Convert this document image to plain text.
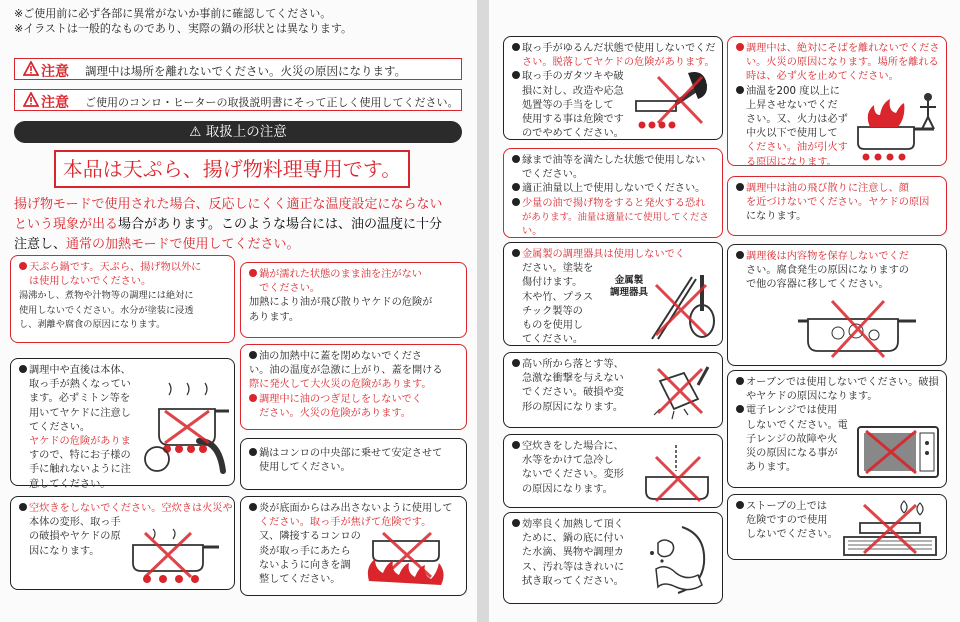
※ご使用前に必ず各部に異常がないか事前に確認してください。
※イラストは一般的なものであり、実際の鍋の形状とは異なります。
注意 調理中は場所を離れないでください。火災の原因になります。
注意 ご使用のコンロ・ヒーターの取扱説明書にそって正しく使用してください。
⚠ 取扱上の注意
本品は天ぷら、揚げ物料理専用です。
揚げ物モードで使用された場合、反応しにくく適正な温度設定にならない
という現象が出る場合があります。このような場合には、油の温度に十分
注意し、通常の加熱モードで使用してください。
天ぷら鍋です。天ぷら、揚げ物以外に
は使用しないでください。
湯沸かし、煮物や汁物等の調理には絶対に
使用しないでください。水分が塗装に浸透
し、剥離や腐食の原因になります。
鍋が濡れた状態のまま油を注がない
でください。
加熱により油が飛び散りヤケドの危険が
あります。
油の加熱中に蓋を閉めないでくださ
い。油の温度が急激に上がり、蓋を開ける
際に発火して大火災の危険があります。
調理中に油のつぎ足しをしないでく
ださい。火災の危険があります。
調理中や直後は本体、
取っ手が熱くなってい
ます。必ずミトン等を
用いてヤケドに注意し
てください。
ヤケドの危険がありま
すので、特にお子様の
手に触れないように注
意してください。
鍋はコンロの中央部に乗せて安定させて
使用してください。
空炊きをしないでください。空炊きは火災や
本体の変形、取っ手
の破損やヤケドの原
因になります。
炎が底面からはみ出さないように使用して
ください。取っ手が焦げて危険です。
又、隣接するコンロの
炎が取っ手にあたら
ないように向きを調
整してください。
取っ手がゆるんだ状態で使用しないでくだ
さい。脱落してヤケドの危険があります。
取っ手のガタツキや破
損に対し、改造や応急
処置等の手当をして
使用する事は危険です
のでやめてください。
調理中は、絶対にそばを離れないでくださ
い。火災の原因になります。場所を離れる
時は、必ず火を止めてください。
油温を200 度以上に
上昇させないでくだ
さい。又、火力は必ず
中火以下で使用して
ください。油が引火す
る原因になります。
縁まで油等を満たした状態で使用しない
でください。
適正油量以上で使用しないでください。
少量の油で揚げ物をすると発火する恐れ
があります。油量は適量にて使用してくださ
い。
調理中は油の飛び散りに注意し、顔
を近づけないでください。ヤケドの原因
になります。
金属製の調理器具は使用しないでく
ださい。塗装を
傷付けます。
木や竹、プラス
チック製等の
ものを使用し
てください。
金属製
調理器具
調理後は内容物を保存しないでくだ
さい。腐食発生の原因になりますの
で他の容器に移してください。
高い所から落とす等、
急激な衝撃を与えない
でください。破損や変
形の原因になります。
オーブンでは使用しないでください。破損
やヤケドの原因になります。
電子レンジでは使用
しないでください。電
子レンジの故障や火
災の原因になる事が
あります。
空炊きをした場合に、
水等をかけて急冷し
ないでください。変形
の原因になります。
ストーブの上では
危険ですので使用
しないでください。
効率良く加熱して頂く
ために、鍋の底に付い
た水滴、異物や調理カ
ス、汚れ等はきれいに
拭き取ってください。
